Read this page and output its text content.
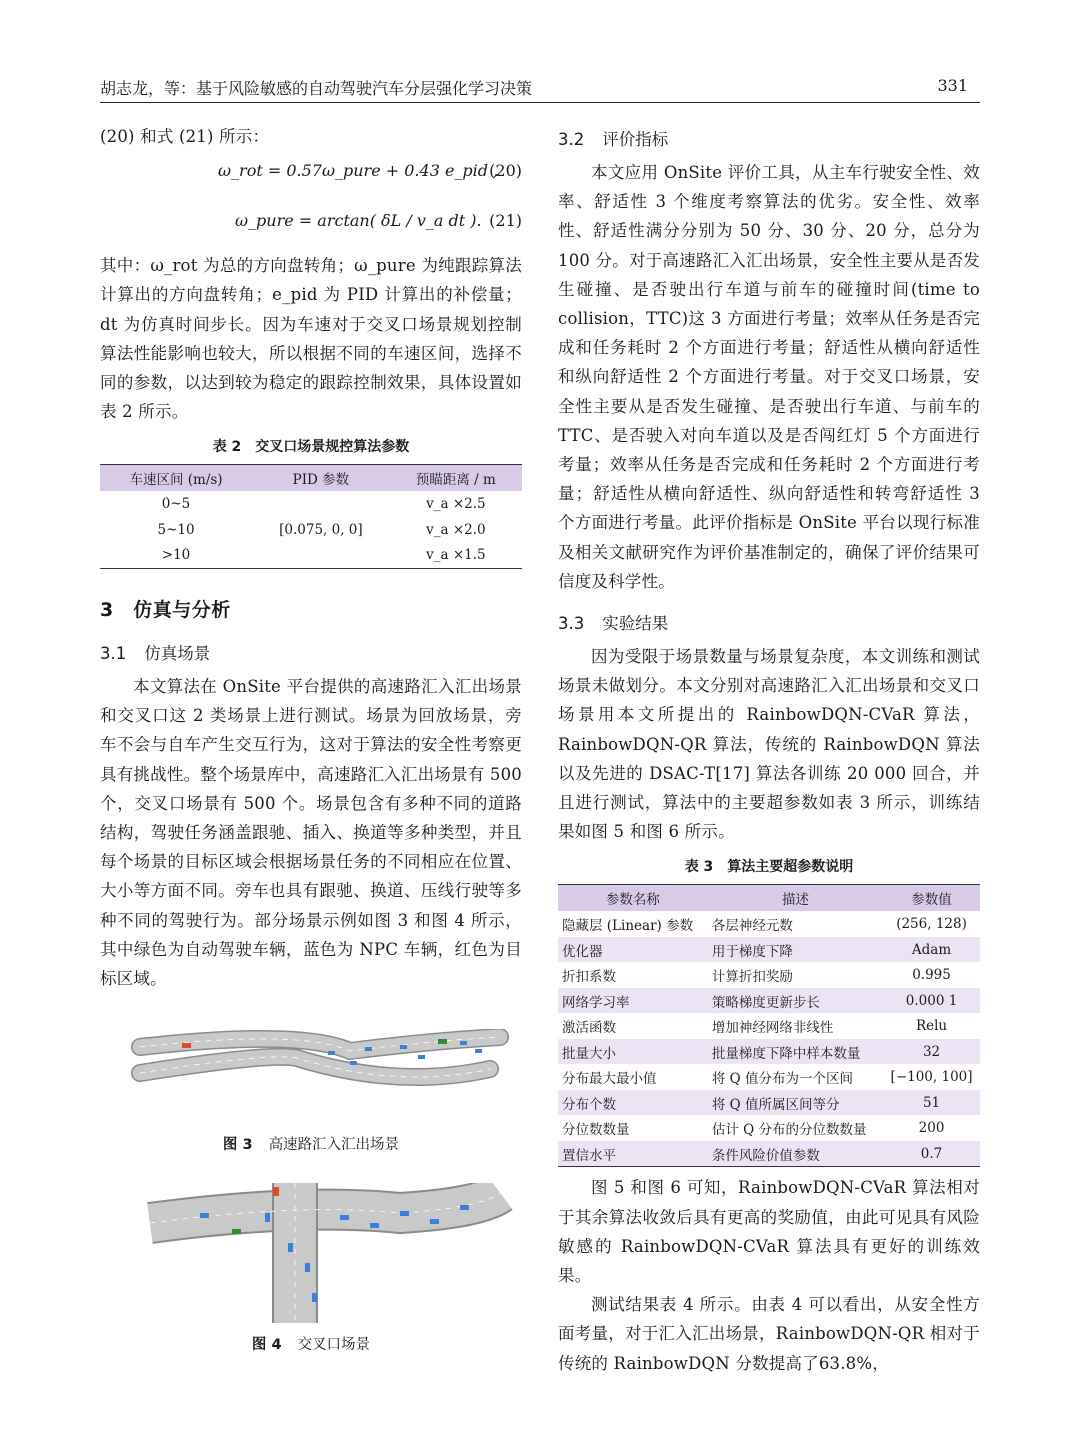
胡志龙，等：基于风险敏感的自动驾驶汽车分层强化学习决策	331

(20) 和式 (21) 所示：

ω_rot = 0.57ω_pure + 0.43 e_pid ,
(20)
ω_pure = arctan( δL / v_a dt ). (21)

其中：ω_rot 为总的方向盘转角；ω_pure 为纯跟踪算法计算出的方向盘转角；e_pid 为 PID 计算出的补偿量；dt 为仿真时间步长。因为车速对于交叉口场景规划控制算法性能影响也较大，所以根据不同的车速区间，选择不同的参数，以达到较为稳定的跟踪控制效果，具体设置如表 2 所示。

表 2　交叉口场景规控算法参数
车速区间 (m/s)	PID 参数	预瞄距离 / m
0~5		v_a ×2.5
5~10	[0.075, 0, 0]	v_a ×2.0
>10		v_a ×1.5
3　仿真与分析
3.1 仿真场景

本文算法在 OnSite 平台提供的高速路汇入汇出场景和交叉口这 2 类场景上进行测试。场景为回放场景，旁车不会与自车产生交互行为，这对于算法的安全性考察更具有挑战性。整个场景库中，高速路汇入汇出场景有 500 个，交叉口场景有 500 个。场景包含有多种不同的道路结构，驾驶任务涵盖跟驰、插入、换道等多种类型，并且每个场景的目标区域会根据场景任务的不同相应在位置、大小等方面不同。旁车也具有跟驰、换道、压线行驶等多种不同的驾驶行为。部分场景示例如图 3 和图 4 所示，其中绿色为自动驾驶车辆，蓝色为 NPC 车辆，红色为目标区域。

图 3 高速路汇入汇出场景
图 4 交叉口场景
3.2 评价指标

本文应用 OnSite 评价工具，从主车行驶安全性、效率、舒适性 3 个维度考察算法的优劣。安全性、效率性、舒适性满分分别为 50 分、30 分、20 分，总分为 100 分。对于高速路汇入汇出场景，安全性主要从是否发生碰撞、是否驶出行车道与前车的碰撞时间(time to collision，TTC)这 3 方面进行考量；效率从任务是否完成和任务耗时 2 个方面进行考量；舒适性从横向舒适性和纵向舒适性 2 个方面进行考量。对于交叉口场景，安全性主要从是否发生碰撞、是否驶出行车道、与前车的 TTC、是否驶入对向车道以及是否闯红灯 5 个方面进行考量；效率从任务是否完成和任务耗时 2 个方面进行考量；舒适性从横向舒适性、纵向舒适性和转弯舒适性 3 个方面进行考量。此评价指标是 OnSite 平台以现行标准及相关文献研究作为评价基准制定的，确保了评价结果可信度及科学性。

3.3 实验结果

因为受限于场景数量与场景复杂度，本文训练和测试场景未做划分。本文分别对高速路汇入汇出场景和交叉口场景用本文所提出的 RainbowDQN-CVaR 算法，RainbowDQN-QR 算法，传统的 RainbowDQN 算法以及先进的 DSAC-T[17] 算法各训练 20 000 回合，并且进行测试，算法中的主要超参数如表 3 所示，训练结果如图 5 和图 6 所示。

表 3　算法主要超参数说明
参数名称	描述	参数值
隐藏层 (Linear) 参数	各层神经元数	(256, 128)
优化器	用于梯度下降	Adam
折扣系数	计算折扣奖励	0.995
网络学习率	策略梯度更新步长	0.000 1
激活函数	增加神经网络非线性	Relu
批量大小	批量梯度下降中样本数量	32
分布最大最小值	将 Q 值分布为一个区间	[−100, 100]
分布个数	将 Q 值所属区间等分	51
分位数数量	估计 Q 分布的分位数数量	200
置信水平	条件风险价值参数	0.7

图 5 和图 6 可知，RainbowDQN-CVaR 算法相对于其余算法收敛后具有更高的奖励值，由此可见具有风险敏感的 RainbowDQN-CVaR 算法具有更好的训练效果。

测试结果表 4 所示。由表 4 可以看出，从安全性方面考量，对于汇入汇出场景，RainbowDQN-QR 相对于传统的 RainbowDQN 分数提高了63.8%，
